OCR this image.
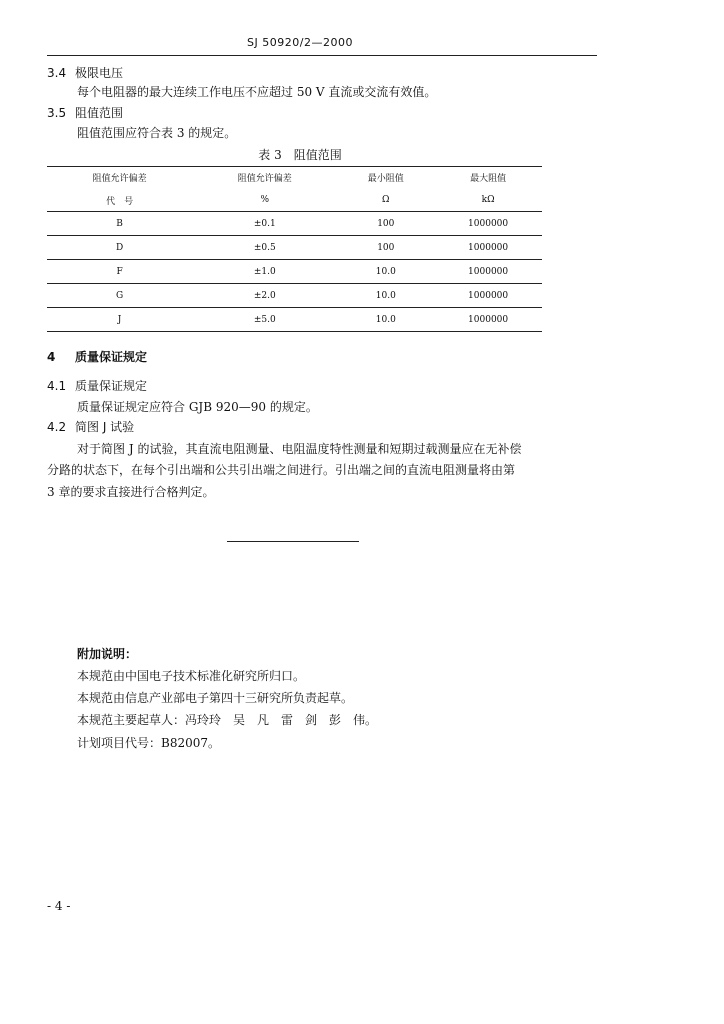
SJ 50920/2—2000
3.4 极限电压
每个电阻器的最大连续工作电压不应超过 50 V 直流或交流有效值。
3.5 阻值范围
阻值范围应符合表 3 的规定。
表 3　阻值范围
阻值允许偏差	阻值允许偏差	最小阻值	最大阻值
代　号	%	Ω	kΩ
B	±0.1	100	1000000
D	±0.5	100	1000000
F	±1.0	10.0	1000000
G	±2.0	10.0	1000000
J	±5.0	10.0	1000000
4 质量保证规定
4.1 质量保证规定
质量保证规定应符合 GJB 920—90 的规定。
4.2 简图 J 试验
对于简图 J 的试验，其直流电阻测量、电阻温度特性测量和短期过载测量应在无补偿
分路的状态下，在每个引出端和公共引出端之间进行。引出端之间的直流电阻测量将由第
3 章的要求直接进行合格判定。
附加说明：
本规范由中国电子技术标准化研究所归口。
本规范由信息产业部电子第四十三研究所负责起草。
本规范主要起草人：冯玲玲　吴　凡　雷　剑　彭　伟。
计划项目代号：B82007。
- 4 -
